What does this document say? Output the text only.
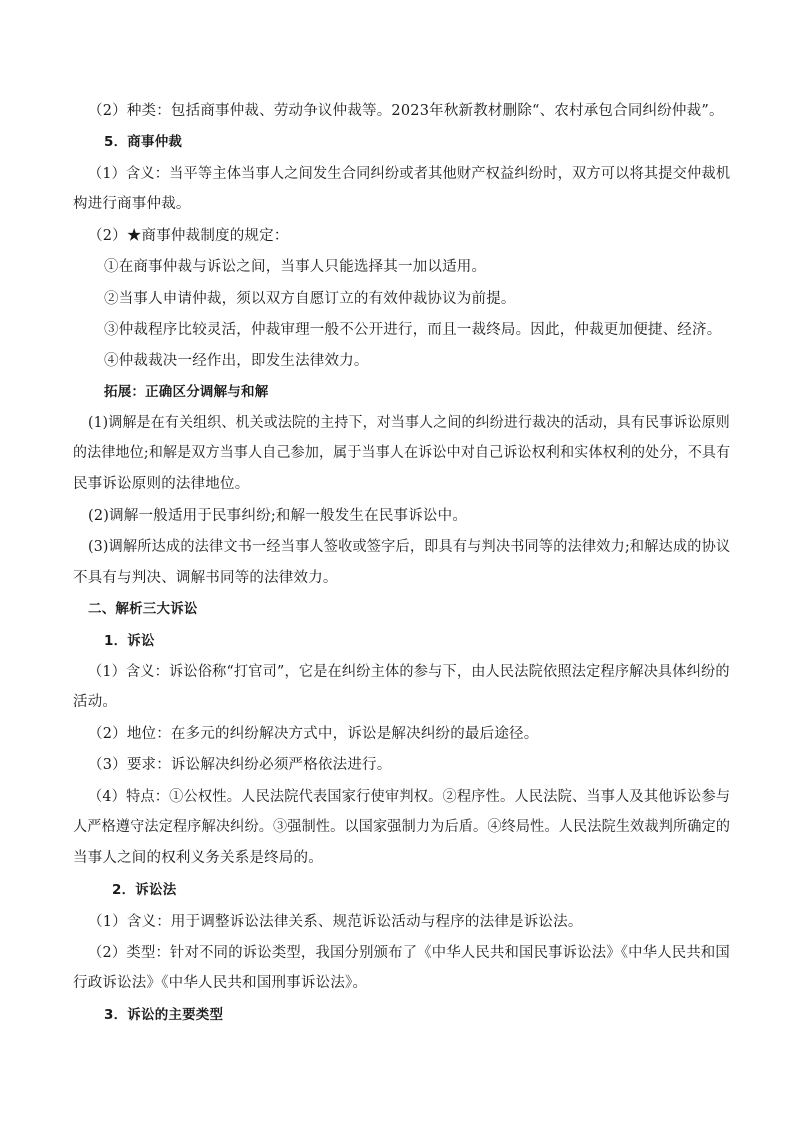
（2）种类：包括商事仲裁、劳动争议仲裁等。2023年秋新教材删除“、农村承包合同纠纷仲裁”。
5．商事仲裁
（1）含义：当平等主体当事人之间发生合同纠纷或者其他财产权益纠纷时，双方可以将其提交仲裁机
构进行商事仲裁。
（2）★商事仲裁制度的规定：
①在商事仲裁与诉讼之间，当事人只能选择其一加以适用。
②当事人申请仲裁，须以双方自愿订立的有效仲裁协议为前提。
③仲裁程序比较灵活，仲裁审理一般不公开进行，而且一裁终局。因此，仲裁更加便捷、经济。
④仲裁裁决一经作出，即发生法律效力。
拓展：正确区分调解与和解
(1)调解是在有关组织、机关或法院的主持下，对当事人之间的纠纷进行裁决的活动，具有民事诉讼原则
的法律地位;和解是双方当事人自己参加，属于当事人在诉讼中对自己诉讼权利和实体权利的处分，不具有
民事诉讼原则的法律地位。
(2)调解一般适用于民事纠纷;和解一般发生在民事诉讼中。
(3)调解所达成的法律文书一经当事人签收或签字后，即具有与判决书同等的法律效力;和解达成的协议
不具有与判决、调解书同等的法律效力。
二、解析三大诉讼
1．诉讼
（1）含义：诉讼俗称“打官司”，它是在纠纷主体的参与下，由人民法院依照法定程序解决具体纠纷的
活动。
（2）地位：在多元的纠纷解决方式中，诉讼是解决纠纷的最后途径。
（3）要求：诉讼解决纠纷必须严格依法进行。
（4）特点：①公权性。人民法院代表国家行使审判权。②程序性。人民法院、当事人及其他诉讼参与
人严格遵守法定程序解决纠纷。③强制性。以国家强制力为后盾。④终局性。人民法院生效裁判所确定的
当事人之间的权利义务关系是终局的。
2．诉讼法
（1）含义：用于调整诉讼法律关系、规范诉讼活动与程序的法律是诉讼法。
（2）类型：针对不同的诉讼类型，我国分别颁布了《中华人民共和国民事诉讼法》《中华人民共和国
行政诉讼法》《中华人民共和国刑事诉讼法》。
3．诉讼的主要类型
